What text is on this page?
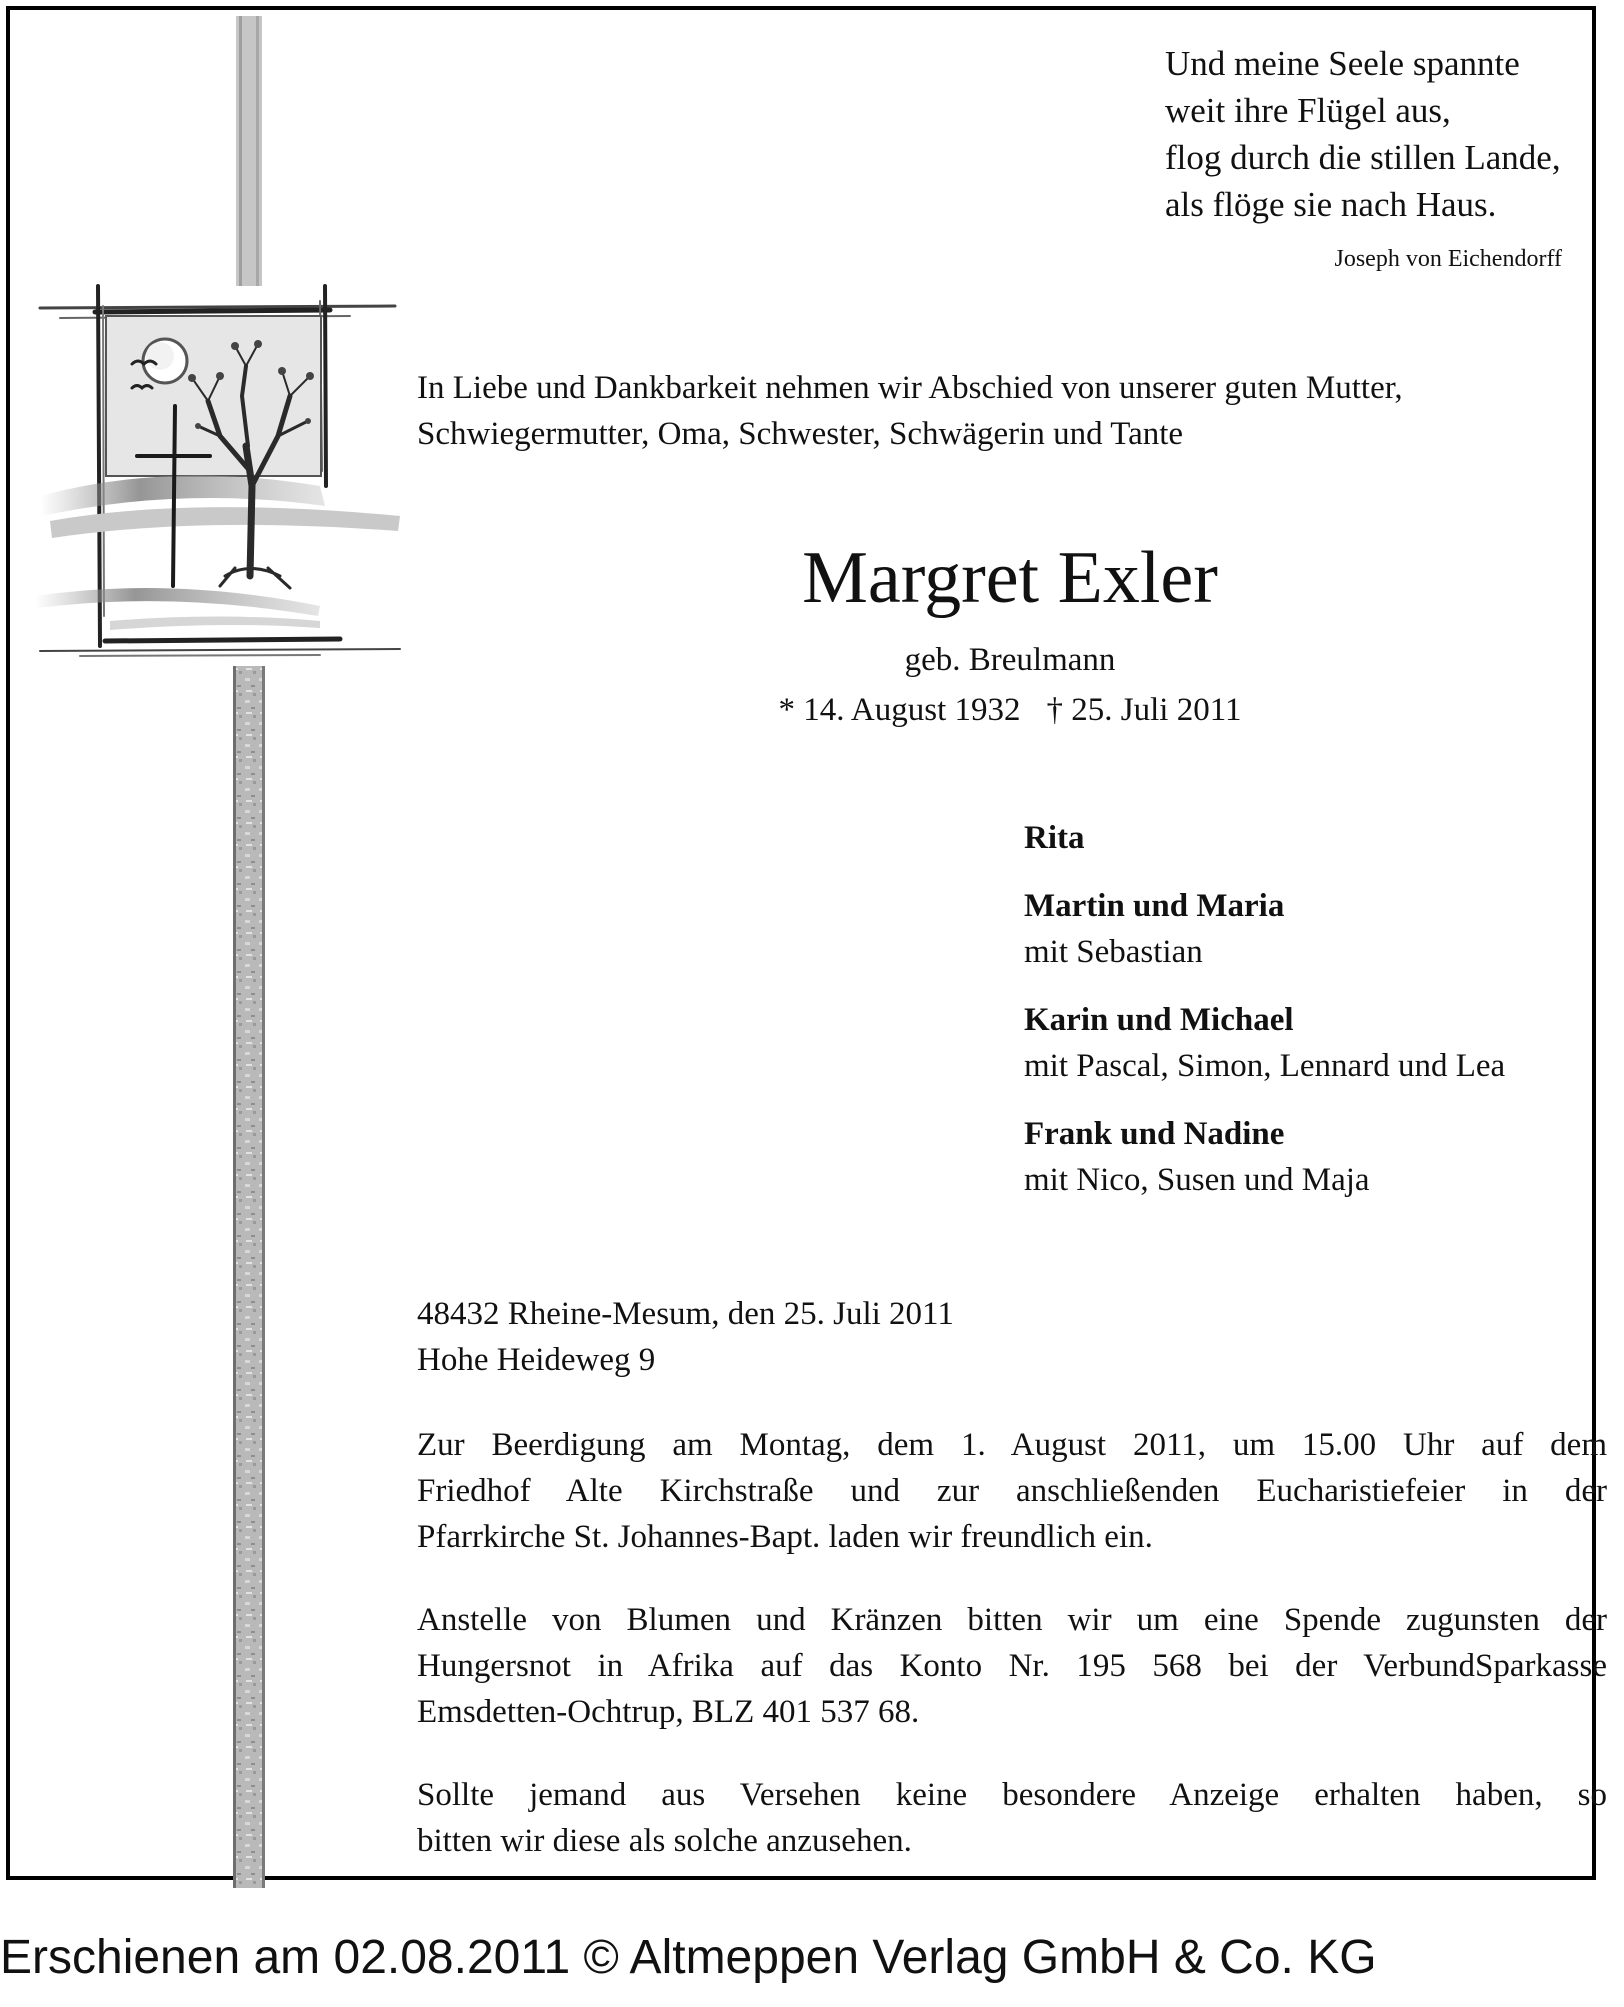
Und meine Seele spannte
weit ihre Flügel aus,
flog durch die stillen Lande,
als flöge sie nach Haus.
Joseph von Eichendorff
In Liebe und Dankbarkeit nehmen wir Abschied von unserer guten Mutter,
Schwiegermutter, Oma, Schwester, Schwägerin und Tante
Margret Exler
geb. Breulmann
* 14. August 1932 † 25. Juli 2011
Rita
Martin und Maria
mit Sebastian
Karin und Michael
mit Pascal, Simon, Lennard und Lea
Frank und Nadine
mit Nico, Susen und Maja
48432 Rheine-Mesum, den 25. Juli 2011
Hohe Heideweg 9
Zur Beerdigung am Montag, dem 1. August 2011, um 15.00 Uhr auf dem
Friedhof Alte Kirchstraße und zur anschließenden Eucharistiefeier in der
Pfarrkirche St. Johannes-Bapt. laden wir freundlich ein.
Anstelle von Blumen und Kränzen bitten wir um eine Spende zugunsten der
Hungersnot in Afrika auf das Konto Nr. 195 568 bei der VerbundSparkasse
Emsdetten-Ochtrup, BLZ 401 537 68.
Sollte jemand aus Versehen keine besondere Anzeige erhalten haben, so
bitten wir diese als solche anzusehen.
Erschienen am 02.08.2011 © Altmeppen Verlag GmbH & Co. KG
